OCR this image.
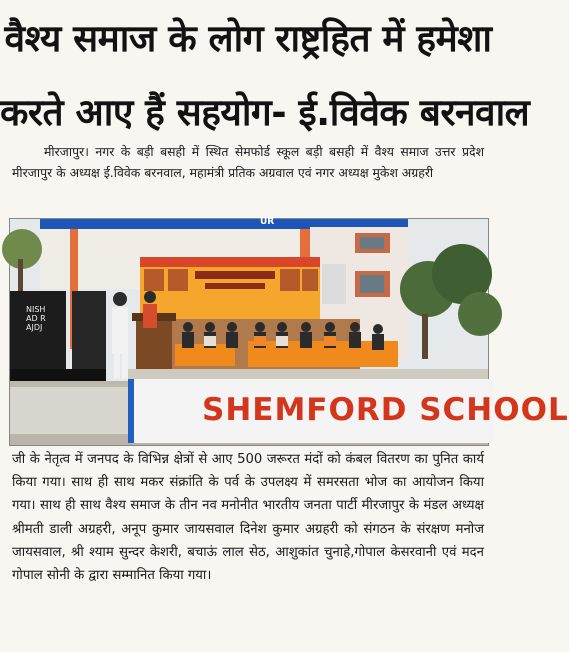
वैश्य समाज के लोग राष्ट्रहित में हमेशा
करते आए हैं सहयोग- ई.विवेक बरनवाल

मीरजापुर। नगर के बड़ी बसही में स्थित सेमफोर्ड स्कूल बड़ी बसही में वैश्य समाज उत्तर प्रदेश मीरजापुर के अध्यक्ष ई.विवेक बरनवाल, महामंत्री प्रतिक अग्रवाल एवं नगर अध्यक्ष मुकेश अग्रहरी

SHEMFORD SCHOOL
NISHAD RAJDJ
UR

जी के नेतृत्व में जनपद के विभिन्न क्षेत्रों से आए 500 जरूरत मंदों को कंबल वितरण का पुनित कार्य किया गया। साथ ही साथ मकर संक्रांति के पर्व के उपलक्ष्य में समरसता भोज का आयोजन किया गया। साथ ही साथ वैश्य समाज के तीन नव मनोनीत भारतीय जनता पार्टी मीरजापुर के मंडल अध्यक्ष श्रीमती डाली अग्रहरी, अनूप कुमार जायसवाल दिनेश कुमार अग्रहरी को संगठन के संरक्षण मनोज जायसवाल, श्री श्याम सुन्दर केशरी, बचाऊं लाल सेठ, आशुकांत चुनाहे,गोपाल केसरवानी एवं मदन गोपाल सोनी के द्वारा सम्मानित किया गया।
